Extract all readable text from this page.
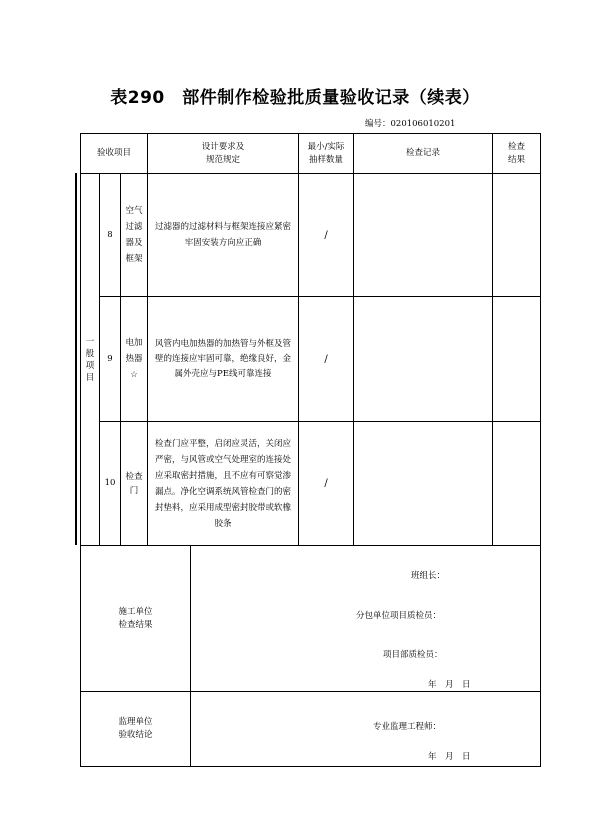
表290　部件制作检验批质量验收记录（续表）
编号：020106010201
验收项目
设计要求及
规范规定
最小/实际
抽样数量
检查记录
检查
结果
一
般
项
目
8
空气
过滤
器及
框架
过滤器的过滤材料与框架连接应紧密
牢固安装方向应正确
/
9
电加
热器
☆
风管内电加热器的加热管与外框及管
壁的连接应牢固可靠，绝缘良好，金
属外壳应与PE线可靠连接
/
10
检查
门
检查门应平整，启闭应灵活，关闭应
严密，与风管或空气处理室的连接处
应采取密封措施，且不应有可察觉渗
漏点。净化空调系统风管检查门的密
封垫料，应采用成型密封胶带或软橡
胶条
/
施工单位
检查结果
班组长：
分包单位项目质检员：
项目部质检员：
年　月　日
监理单位
验收结论
专业监理工程师：
年　月　日
